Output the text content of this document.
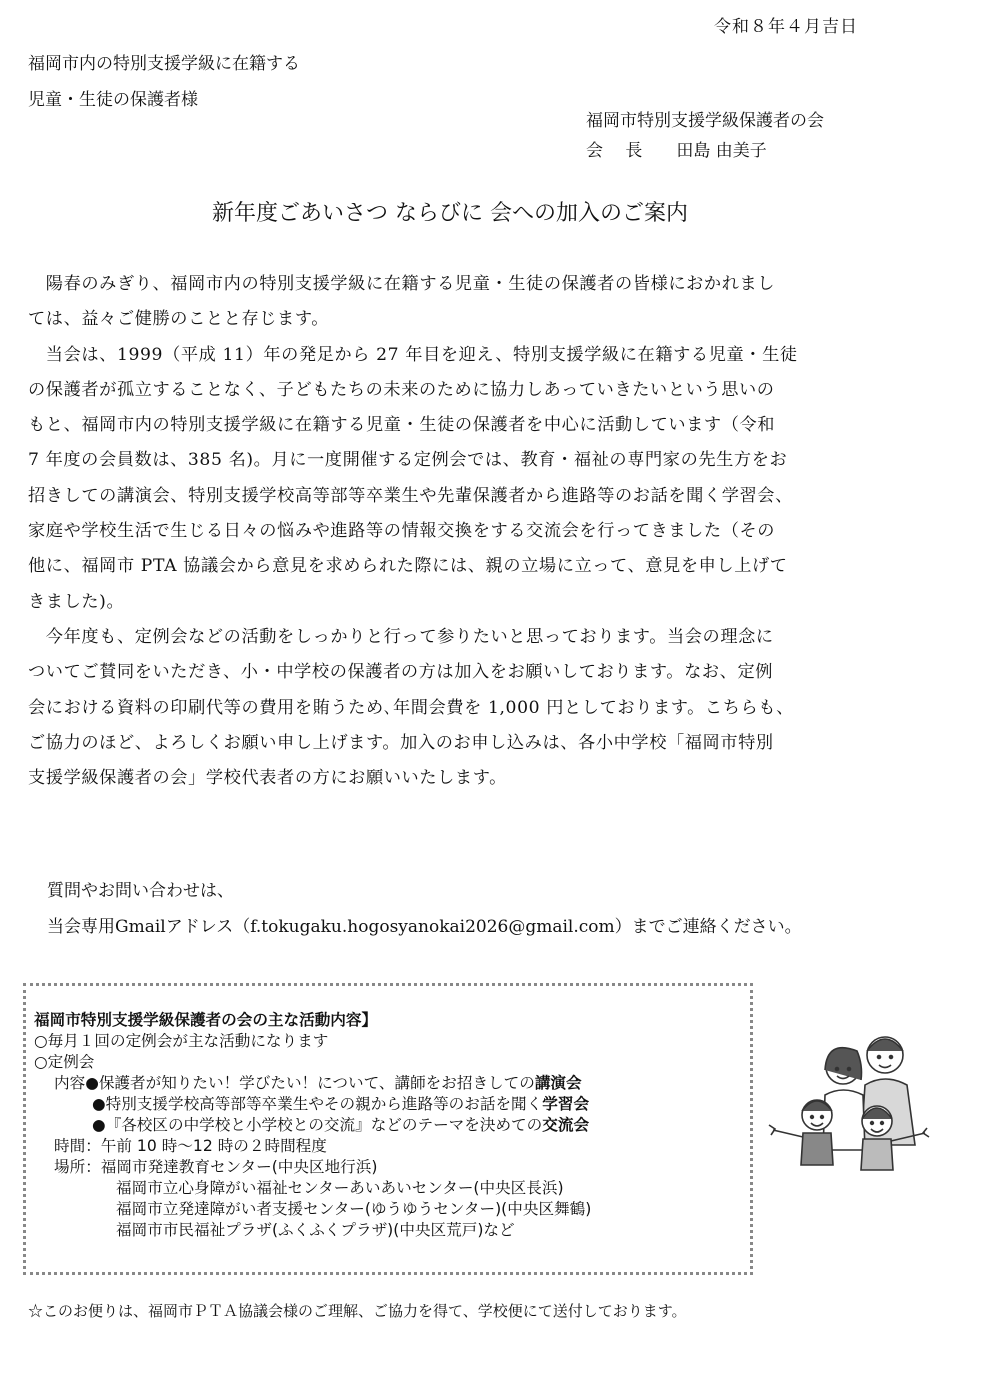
令和８年４月吉日
福岡市内の特別支援学級に在籍する
児童・生徒の保護者様
福岡市特別支援学級保護者の会
会　 長　　田島 由美子
新年度ごあいさつ ならびに 会への加入のご案内
　陽春のみぎり、福岡市内の特別支援学級に在籍する児童・生徒の保護者の皆様におかれまし
ては、益々ご健勝のことと存じます。
　当会は、1999（平成 11）年の発足から 27 年目を迎え、特別支援学級に在籍する児童・生徒
の保護者が孤立することなく、子どもたちの未来のために協力しあっていきたいという思いの
もと、福岡市内の特別支援学級に在籍する児童・生徒の保護者を中心に活動しています（令和
7 年度の会員数は、385 名)。月に一度開催する定例会では、教育・福祉の専門家の先生方をお
招きしての講演会、特別支援学校高等部等卒業生や先輩保護者から進路等のお話を聞く学習会、
家庭や学校生活で生じる日々の悩みや進路等の情報交換をする交流会を行ってきました（その
他に、福岡市 PTA 協議会から意見を求められた際には、親の立場に立って、意見を申し上げて
きました)。
　今年度も、定例会などの活動をしっかりと行って参りたいと思っております。当会の理念に
ついてご賛同をいただき、小・中学校の保護者の方は加入をお願いしております。なお、定例
会における資料の印刷代等の費用を賄うため､年間会費を 1,000 円としております。こちらも、
ご協力のほど、よろしくお願い申し上げます。加入のお申し込みは、各小中学校「福岡市特別
支援学級保護者の会」学校代表者の方にお願いいたします。
質問やお問い合わせは、
当会専用Gmailアドレス（f.tokugaku.hogosyanokai2026@gmail.com）までご連絡ください。
福岡市特別支援学級保護者の会の主な活動内容】
○毎月１回の定例会が主な活動になります
○定例会
内容●保護者が知りたい！学びたい！について、講師をお招きしての講演会
●特別支援学校高等部等卒業生やその親から進路等のお話を聞く学習会
●『各校区の中学校と小学校との交流』などのテーマを決めての交流会
時間：午前 10 時～12 時の２時間程度
場所：福岡市発達教育センター(中央区地行浜)
福岡市立心身障がい福祉センターあいあいセンター(中央区長浜)
福岡市立発達障がい者支援センター(ゆうゆうセンター)(中央区舞鶴)
福岡市市民福祉プラザ(ふくふくプラザ)(中央区荒戸)など
☆このお便りは、福岡市ＰＴＡ協議会様のご理解、ご協力を得て、学校便にて送付しております。
